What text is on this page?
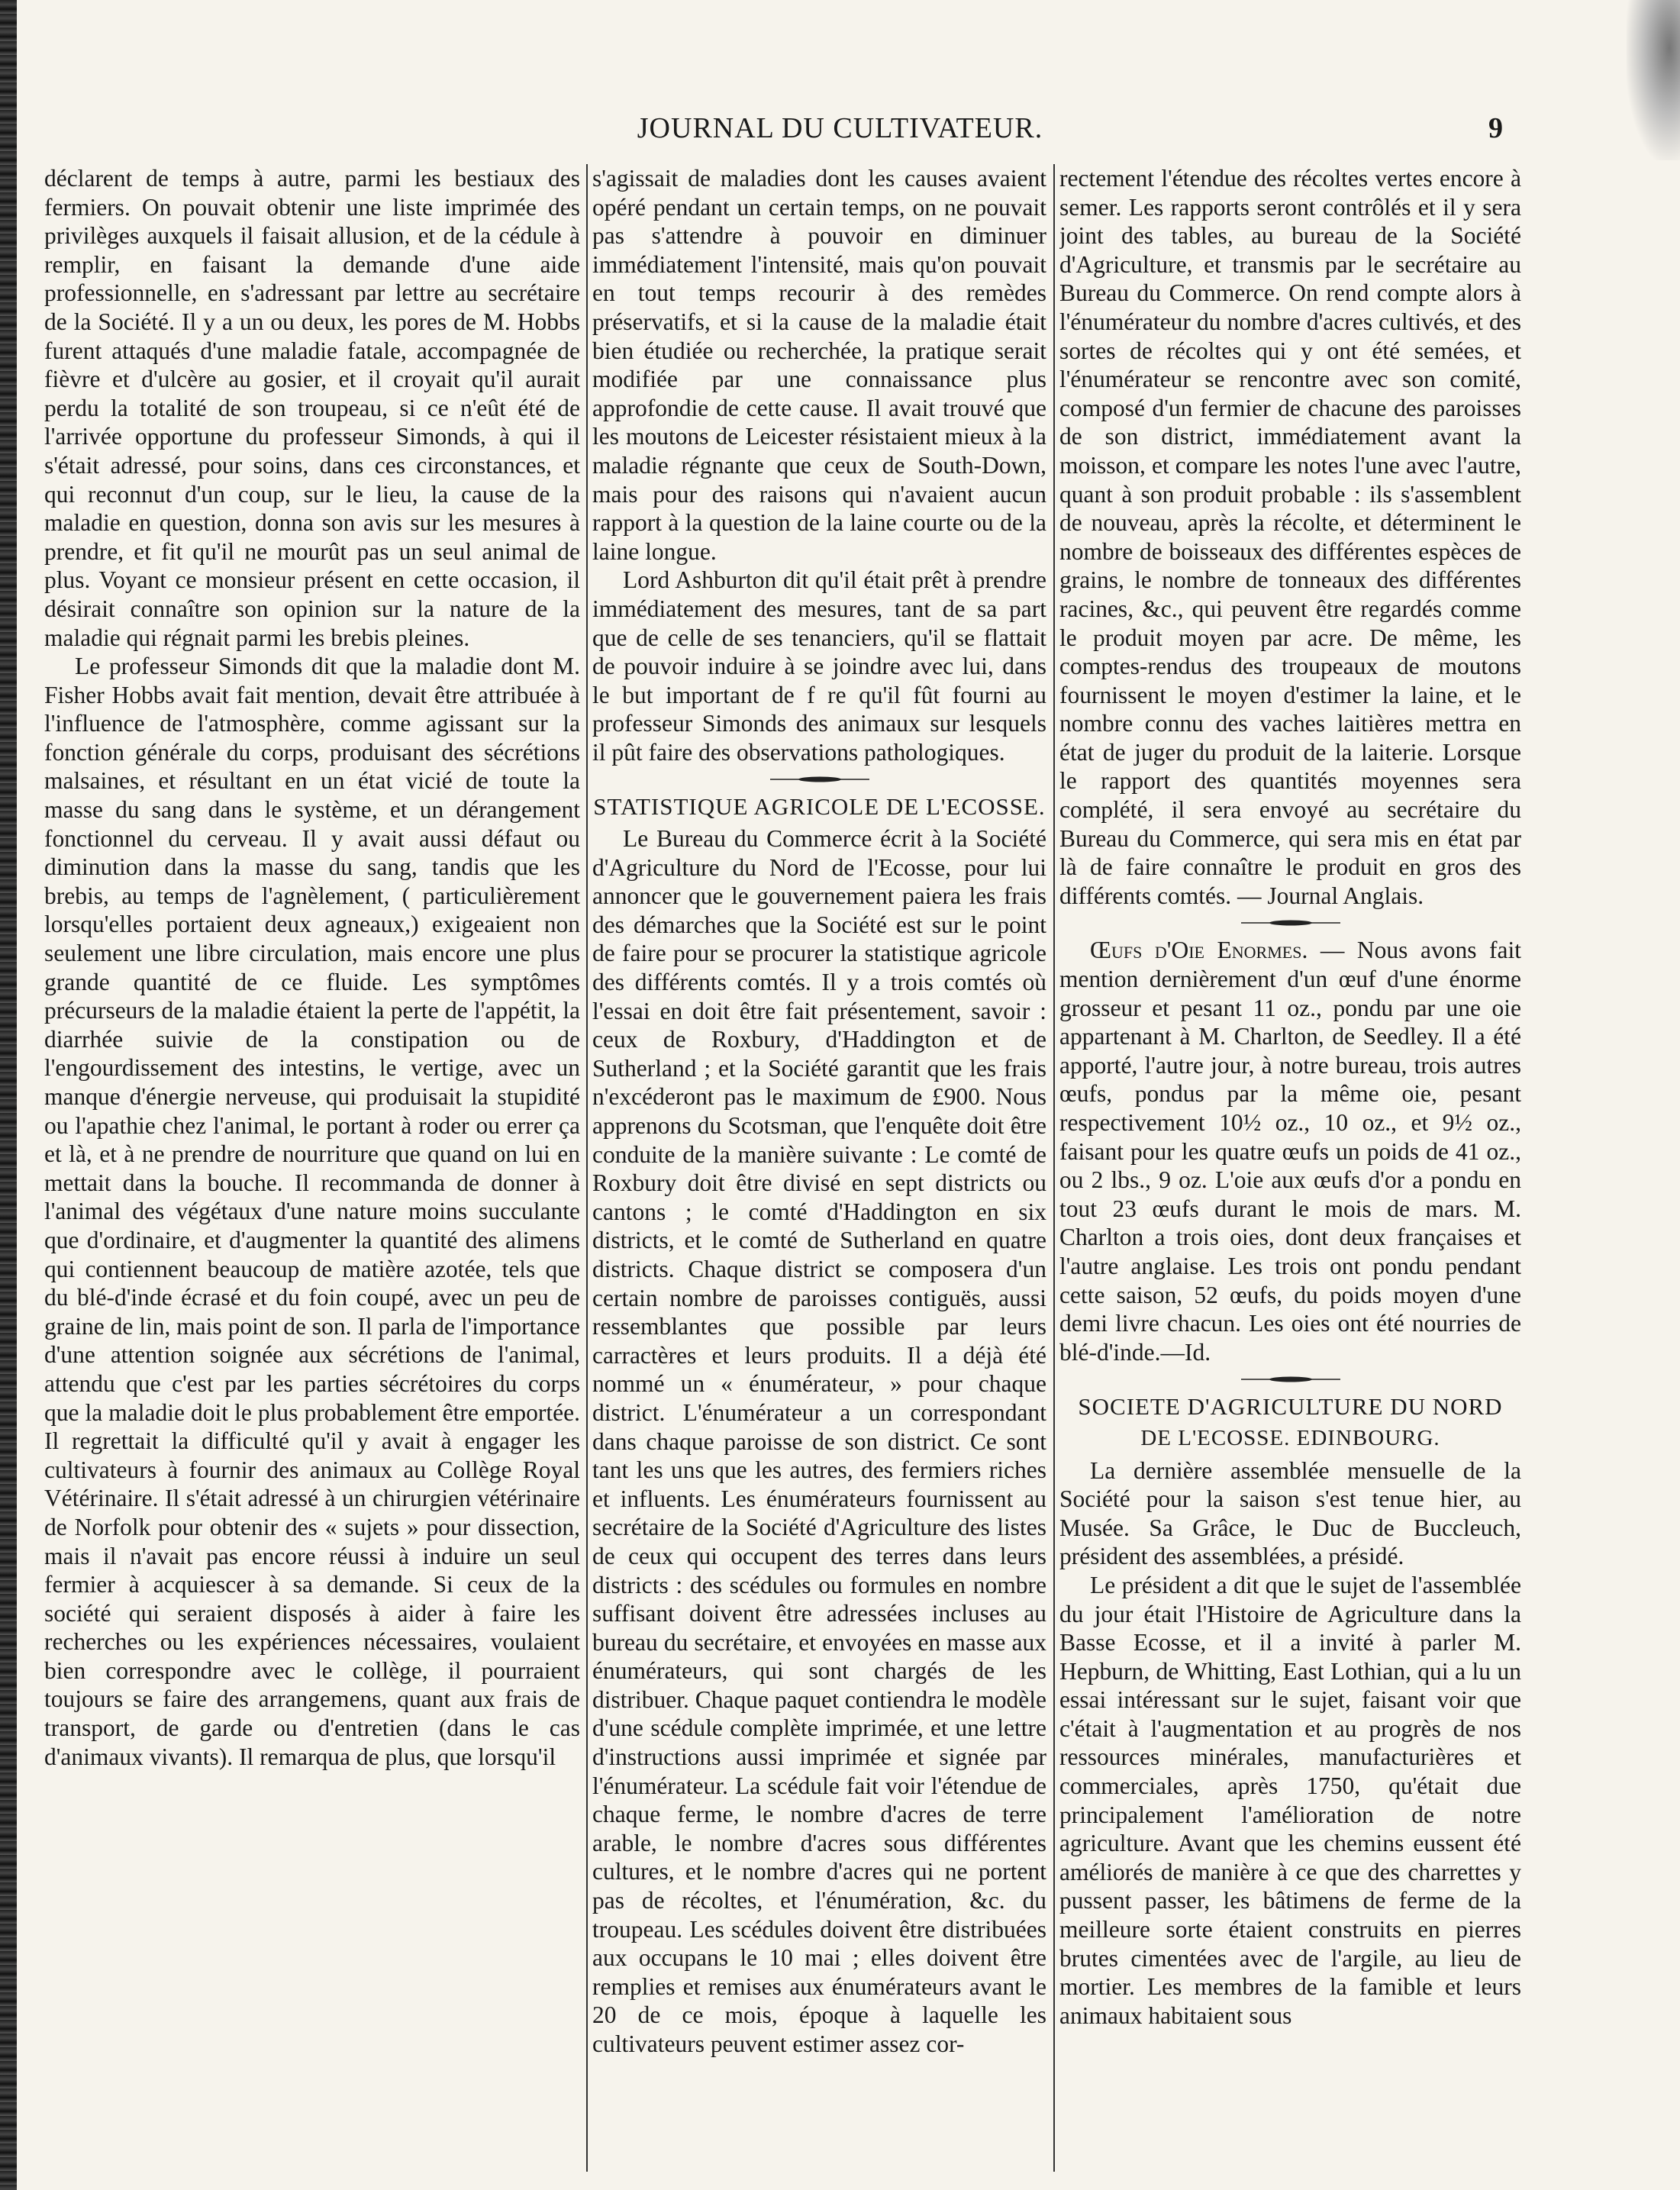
JOURNAL DU CULTIVATEUR.	9

déclarent de temps à autre, parmi les bestiaux des fermiers. On pouvait obtenir une liste imprimée des privilèges auxquels il faisait allusion, et de la cédule à remplir, en faisant la demande d'une aide professionnelle, en s'adressant par lettre au secrétaire de la Société. Il y a un ou deux, les pores de M. Hobbs furent attaqués d'une maladie fatale, accompagnée de fièvre et d'ulcère au gosier, et il croyait qu'il aurait perdu la totalité de son troupeau, si ce n'eût été de l'arrivée opportune du professeur Simonds, à qui il s'était adressé, pour soins, dans ces circonstances, et qui reconnut d'un coup, sur le lieu, la cause de la maladie en question, donna son avis sur les mesures à prendre, et fit qu'il ne mourût pas un seul animal de plus. Voyant ce monsieur présent en cette occasion, il désirait connaître son opinion sur la nature de la maladie qui régnait parmi les brebis pleines.

Le professeur Simonds dit que la maladie dont M. Fisher Hobbs avait fait mention, devait être attribuée à l'influence de l'atmosphère, comme agissant sur la fonction générale du corps, produisant des sécrétions malsaines, et résultant en un état vicié de toute la masse du sang dans le système, et un dérangement fonctionnel du cerveau. Il y avait aussi défaut ou diminution dans la masse du sang, tandis que les brebis, au temps de l'agnèlement, ( particulièrement lorsqu'elles portaient deux agneaux,) exigeaient non seulement une libre circulation, mais encore une plus grande quantité de ce fluide. Les symptômes précurseurs de la maladie étaient la perte de l'appétit, la diarrhée suivie de la constipation ou de l'engourdissement des intestins, le vertige, avec un manque d'énergie nerveuse, qui produisait la stupidité ou l'apathie chez l'animal, le portant à roder ou errer ça et là, et à ne prendre de nourriture que quand on lui en mettait dans la bouche. Il recommanda de donner à l'animal des végétaux d'une nature moins succulante que d'ordinaire, et d'augmenter la quantité des alimens qui contiennent beaucoup de matière azotée, tels que du blé-d'inde écrasé et du foin coupé, avec un peu de graine de lin, mais point de son. Il parla de l'importance d'une attention soignée aux sécrétions de l'animal, attendu que c'est par les parties sécrétoires du corps que la maladie doit le plus probablement être emportée. Il regrettait la difficulté qu'il y avait à engager les cultivateurs à fournir des animaux au Collège Royal Vétérinaire. Il s'était adressé à un chirurgien vétérinaire de Norfolk pour obtenir des « sujets » pour dissection, mais il n'avait pas encore réussi à induire un seul fermier à acquiescer à sa demande. Si ceux de la société qui seraient disposés à aider à faire les recherches ou les expériences nécessaires, voulaient bien correspondre avec le collège, il pourraient toujours se faire des arrangemens, quant aux frais de transport, de garde ou d'entretien (dans le cas d'animaux vivants). Il remarqua de plus, que lorsqu'il

s'agissait de maladies dont les causes avaient opéré pendant un certain temps, on ne pouvait pas s'attendre à pouvoir en diminuer immédiatement l'intensité, mais qu'on pouvait en tout temps recourir à des remèdes préservatifs, et si la cause de la maladie était bien étudiée ou recherchée, la pratique serait modifiée par une connaissance plus approfondie de cette cause. Il avait trouvé que les moutons de Leicester résistaient mieux à la maladie régnante que ceux de South-Down, mais pour des raisons qui n'avaient aucun rapport à la question de la laine courte ou de la laine longue.

Lord Ashburton dit qu'il était prêt à prendre immédiatement des mesures, tant de sa part que de celle de ses tenanciers, qu'il se flattait de pouvoir induire à se joindre avec lui, dans le but important de f re qu'il fût fourni au professeur Simonds des animaux sur lesquels il pût faire des observations pathologiques.

STATISTIQUE AGRICOLE DE L'ECOSSE.

Le Bureau du Commerce écrit à la Société d'Agriculture du Nord de l'Ecosse, pour lui annoncer que le gouvernement paiera les frais des démarches que la Société est sur le point de faire pour se procurer la statistique agricole des différents comtés. Il y a trois comtés où l'essai en doit être fait présentement, savoir : ceux de Roxbury, d'Haddington et de Sutherland ; et la Société garantit que les frais n'excéderont pas le maximum de £900. Nous apprenons du Scotsman, que l'enquête doit être conduite de la manière suivante : Le comté de Roxbury doit être divisé en sept districts ou cantons ; le comté d'Haddington en six districts, et le comté de Sutherland en quatre districts. Chaque district se composera d'un certain nombre de paroisses contiguës, aussi ressemblantes que possible par leurs carractères et leurs produits. Il a déjà été nommé un « énumérateur, » pour chaque district. L'énumérateur a un correspondant dans chaque paroisse de son district. Ce sont tant les uns que les autres, des fermiers riches et influents. Les énumérateurs fournissent au secrétaire de la Société d'Agriculture des listes de ceux qui occupent des terres dans leurs districts : des scédules ou formules en nombre suffisant doivent être adressées incluses au bureau du secrétaire, et envoyées en masse aux énumérateurs, qui sont chargés de les distribuer. Chaque paquet contiendra le modèle d'une scédule complète imprimée, et une lettre d'instructions aussi imprimée et signée par l'énumérateur. La scédule fait voir l'étendue de chaque ferme, le nombre d'acres de terre arable, le nombre d'acres sous différentes cultures, et le nombre d'acres qui ne portent pas de récoltes, et l'énumération, &c. du troupeau. Les scédules doivent être distribuées aux occupans le 10 mai ; elles doivent être remplies et remises aux énumérateurs avant le 20 de ce mois, époque à laquelle les cultivateurs peuvent estimer assez cor-

rectement l'étendue des récoltes vertes encore à semer. Les rapports seront contrôlés et il y sera joint des tables, au bureau de la Société d'Agriculture, et transmis par le secrétaire au Bureau du Commerce. On rend compte alors à l'énumérateur du nombre d'acres cultivés, et des sortes de récoltes qui y ont été semées, et l'énumérateur se rencontre avec son comité, composé d'un fermier de chacune des paroisses de son district, immédiatement avant la moisson, et compare les notes l'une avec l'autre, quant à son produit probable : ils s'assemblent de nouveau, après la récolte, et déterminent le nombre de boisseaux des différentes espèces de grains, le nombre de tonneaux des différentes racines, &c., qui peuvent être regardés comme le produit moyen par acre. De même, les comptes-rendus des troupeaux de moutons fournissent le moyen d'estimer la laine, et le nombre connu des vaches laitières mettra en état de juger du produit de la laiterie. Lorsque le rapport des quantités moyennes sera complété, il sera envoyé au secrétaire du Bureau du Commerce, qui sera mis en état par là de faire connaître le produit en gros des différents comtés. — Journal Anglais.

Œufs d'Oie Enormes. — Nous avons fait mention dernièrement d'un œuf d'une énorme grosseur et pesant 11 oz., pondu par une oie appartenant à M. Charlton, de Seedley. Il a été apporté, l'autre jour, à notre bureau, trois autres œufs, pondus par la même oie, pesant respectivement 10½ oz., 10 oz., et 9½ oz., faisant pour les quatre œufs un poids de 41 oz., ou 2 lbs., 9 oz. L'oie aux œufs d'or a pondu en tout 23 œufs durant le mois de mars. M. Charlton a trois oies, dont deux françaises et l'autre anglaise. Les trois ont pondu pendant cette saison, 52 œufs, du poids moyen d'une demi livre chacun. Les oies ont été nourries de blé-d'inde.—Id.

SOCIETE D'AGRICULTURE DU NORD
DE L'ECOSSE. EDINBOURG.

La dernière assemblée mensuelle de la Société pour la saison s'est tenue hier, au Musée. Sa Grâce, le Duc de Buccleuch, président des assemblées, a présidé.

Le président a dit que le sujet de l'assemblée du jour était l'Histoire de Agriculture dans la Basse Ecosse, et il a invité à parler M. Hepburn, de Whitting, East Lothian, qui a lu un essai intéressant sur le sujet, faisant voir que c'était à l'augmentation et au progrès de nos ressources minérales, manufacturières et commerciales, après 1750, qu'était due principalement l'amélioration de notre agriculture. Avant que les chemins eussent été améliorés de manière à ce que des charrettes y pussent passer, les bâtimens de ferme de la meilleure sorte étaient construits en pierres brutes cimentées avec de l'argile, au lieu de mortier. Les membres de la famible et leurs animaux habitaient sous
